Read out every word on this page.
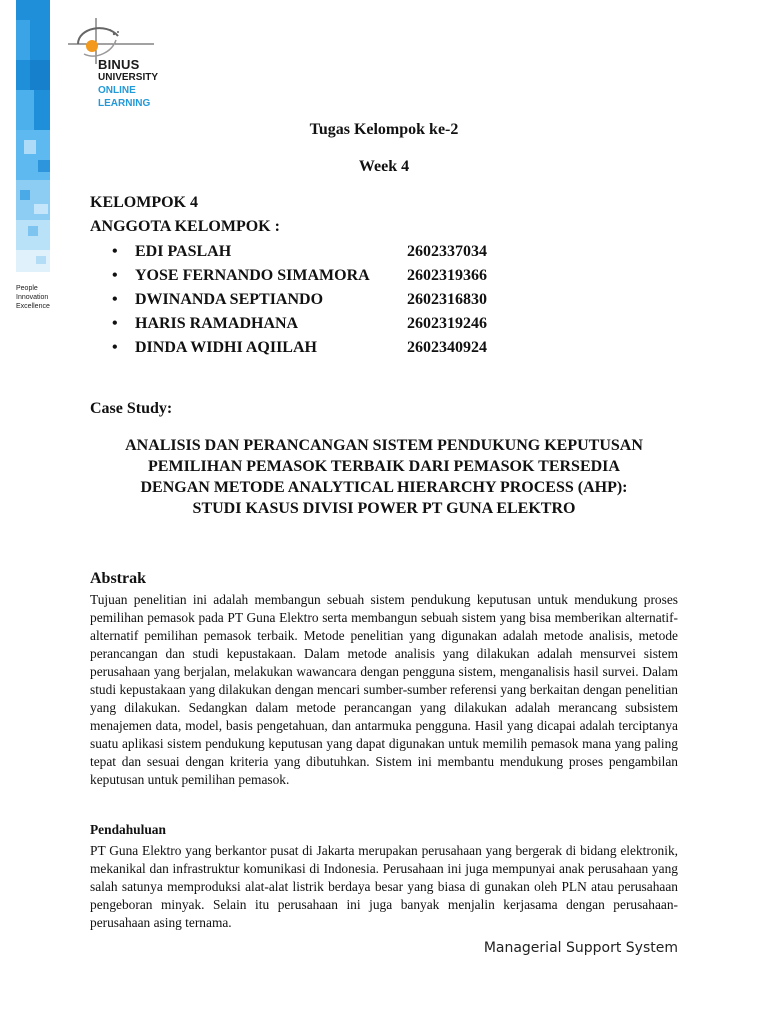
People
Innovation
Excellence
BINUS
UNIVERSITY
ONLINE
LEARNING
Tugas Kelompok ke-2
Week 4
KELOMPOK 4
ANGGOTA KELOMPOK :
• EDI PASLAH	2602337034
• YOSE FERNANDO SIMAMORA 2602319366
• DWINANDA SEPTIANDO	2602316830
• HARIS RAMADHANA	2602319246
• DINDA WIDHI AQIILAH	2602340924
Case Study:
ANALISIS DAN PERANCANGAN SISTEM PENDUKUNG KEPUTUSAN
PEMILIHAN PEMASOK TERBAIK DARI PEMASOK TERSEDIA
DENGAN METODE ANALYTICAL HIERARCHY PROCESS (AHP):
STUDI KASUS DIVISI POWER PT GUNA ELEKTRO
Abstrak
Tujuan penelitian ini adalah membangun sebuah sistem pendukung keputusan untuk mendukung proses pemilihan pemasok pada PT Guna Elektro serta membangun sebuah sistem yang bisa memberikan alternatif-alternatif pemilihan pemasok terbaik. Metode penelitian yang digunakan adalah metode analisis, metode perancangan dan studi kepustakaan. Dalam metode analisis yang dilakukan adalah mensurvei sistem perusahaan yang berjalan, melakukan wawancara dengan pengguna sistem, menganalisis hasil survei. Dalam studi kepustakaan yang dilakukan dengan mencari sumber-sumber referensi yang berkaitan dengan penelitian yang dilakukan. Sedangkan dalam metode perancangan yang dilakukan adalah merancang subsistem menajemen data, model, basis pengetahuan, dan antarmuka pengguna. Hasil yang dicapai adalah terciptanya suatu aplikasi sistem pendukung keputusan yang dapat digunakan untuk memilih pemasok mana yang paling tepat dan sesuai dengan kriteria yang dibutuhkan. Sistem ini membantu mendukung proses pengambilan keputusan untuk pemilihan pemasok.
Pendahuluan
PT Guna Elektro yang berkantor pusat di Jakarta merupakan perusahaan yang bergerak di bidang elektronik, mekanikal dan infrastruktur komunikasi di Indonesia. Perusahaan ini juga mempunyai anak perusahaan yang salah satunya memproduksi alat-alat listrik berdaya besar yang biasa di gunakan oleh PLN atau perusahaan pengeboran minyak. Selain itu perusahaan ini juga banyak menjalin kerjasama dengan perusahaan-perusahaan asing ternama.
Managerial Support System
